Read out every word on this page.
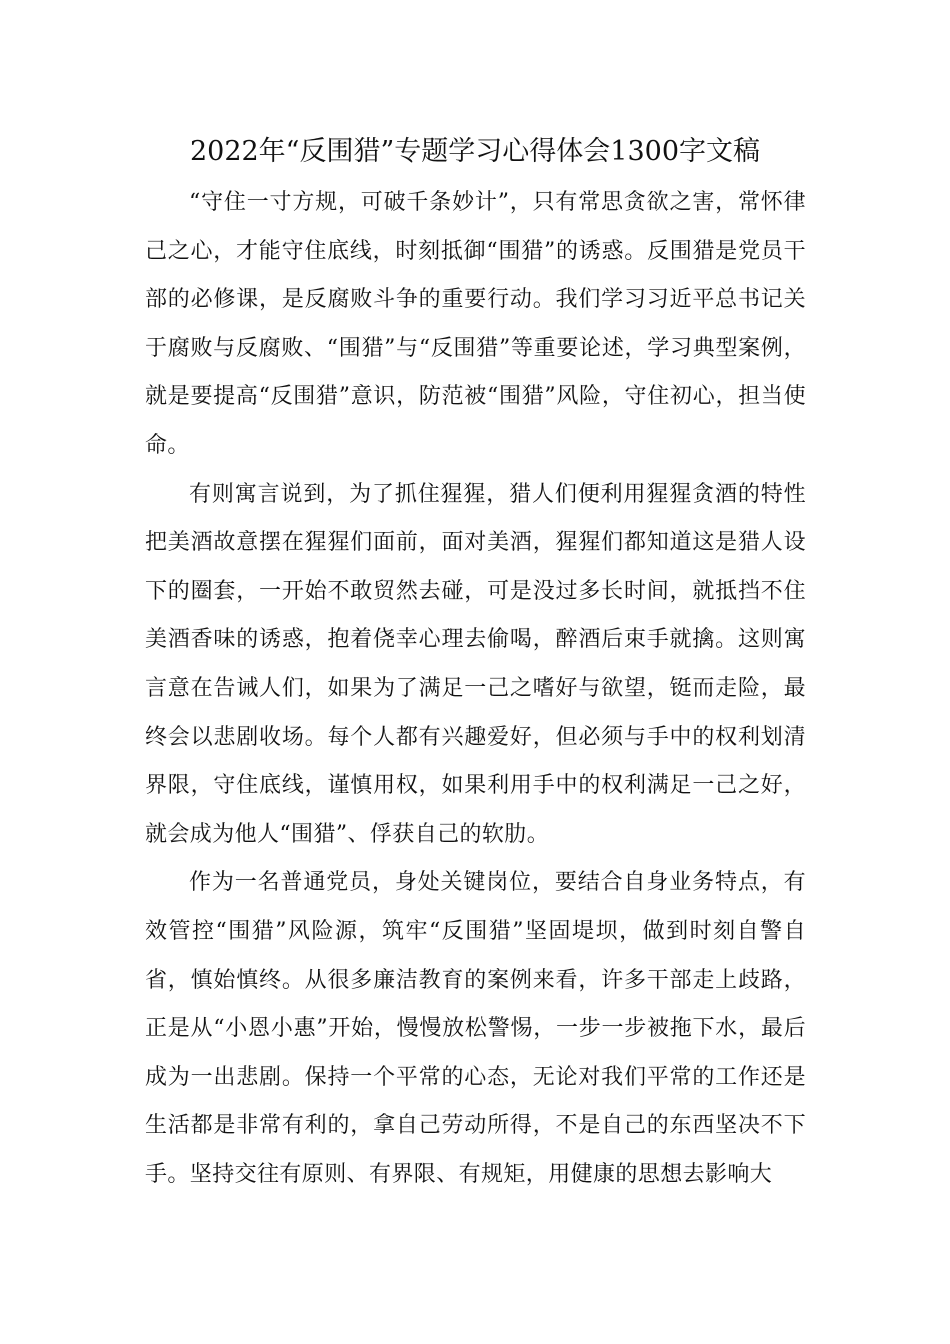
2022年“反围猎”专题学习心得体会1300字文稿

“守住一寸方规，可破千条妙计”，只有常思贪欲之害，常怀律己之心，才能守住底线，时刻抵御“围猎”的诱惑。反围猎是党员干部的必修课，是反腐败斗争的重要行动。我们学习习近平总书记关于腐败与反腐败、“围猎”与“反围猎”等重要论述，学习典型案例，就是要提高“反围猎”意识，防范被“围猎”风险，守住初心，担当使命。

有则寓言说到，为了抓住猩猩，猎人们便利用猩猩贪酒的特性把美酒故意摆在猩猩们面前，面对美酒，猩猩们都知道这是猎人设下的圈套，一开始不敢贸然去碰，可是没过多长时间，就抵挡不住美酒香味的诱惑，抱着侥幸心理去偷喝，醉酒后束手就擒。这则寓言意在告诫人们，如果为了满足一己之嗜好与欲望，铤而走险，最终会以悲剧收场。每个人都有兴趣爱好，但必须与手中的权利划清界限，守住底线，谨慎用权，如果利用手中的权利满足一己之好，就会成为他人“围猎”、俘获自己的软肋。

作为一名普通党员，身处关键岗位，要结合自身业务特点，有效管控“围猎”风险源，筑牢“反围猎”坚固堤坝，做到时刻自警自省，慎始慎终。从很多廉洁教育的案例来看，许多干部走上歧路，正是从“小恩小惠”开始，慢慢放松警惕，一步一步被拖下水，最后成为一出悲剧。保持一个平常的心态，无论对我们平常的工作还是生活都是非常有利的，拿自己劳动所得，不是自己的东西坚决不下手。坚持交往有原则、有界限、有规矩，用健康的思想去影响大
